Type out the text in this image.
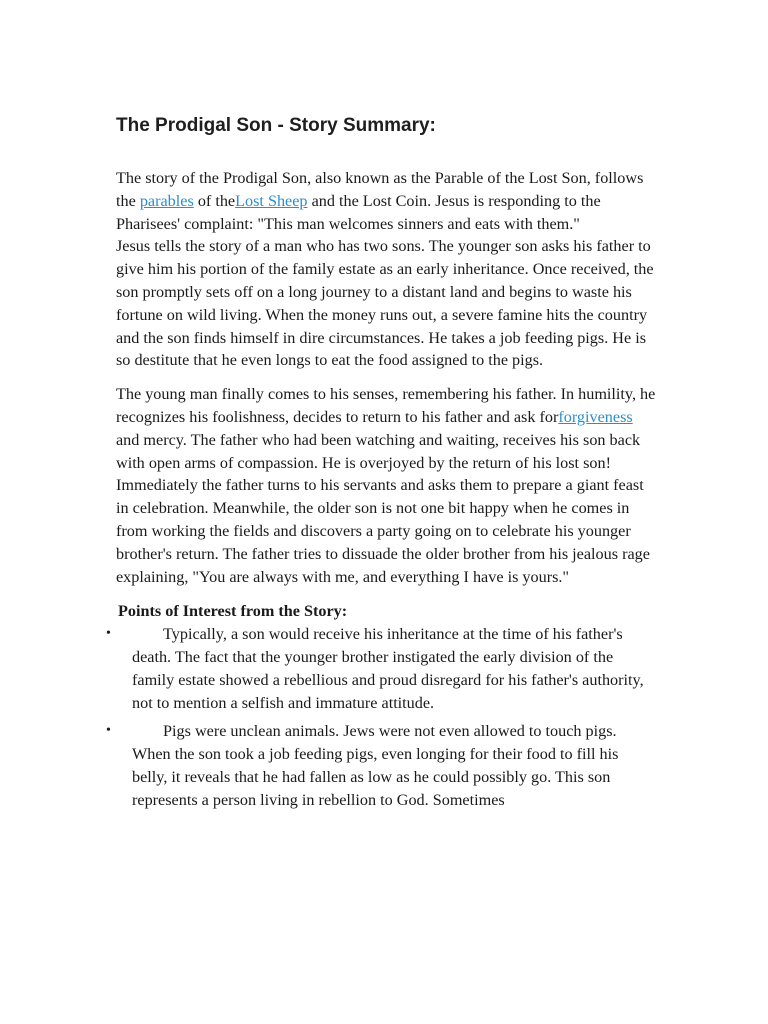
The Prodigal Son - Story Summary:

The story of the Prodigal Son, also known as the Parable of the Lost Son, follows the parables of theLost Sheep and the Lost Coin. Jesus is responding to the Pharisees' complaint: "This man welcomes sinners and eats with them."

Jesus tells the story of a man who has two sons. The younger son asks his father to give him his portion of the family estate as an early inheritance. Once received, the son promptly sets off on a long journey to a distant land and begins to waste his fortune on wild living. When the money runs out, a severe famine hits the country and the son finds himself in dire circumstances. He takes a job feeding pigs. He is so destitute that he even longs to eat the food assigned to the pigs.

The young man finally comes to his senses, remembering his father. In humility, he recognizes his foolishness, decides to return to his father and ask forforgiveness and mercy. The father who had been watching and waiting, receives his son back with open arms of compassion. He is overjoyed by the return of his lost son! Immediately the father turns to his servants and asks them to prepare a giant feast in celebration. Meanwhile, the older son is not one bit happy when he comes in from working the fields and discovers a party going on to celebrate his younger brother's return. The father tries to dissuade the older brother from his jealous rage explaining, "You are always with me, and everything I have is yours."

Points of Interest from the Story:
•	Typically, a son would receive his inheritance at the time of his father's death. The fact that the younger brother instigated the early division of the family estate showed a rebellious and proud disregard for his father's authority, not to mention a selfish and immature attitude.
•	Pigs were unclean animals. Jews were not even allowed to touch pigs. When the son took a job feeding pigs, even longing for their food to fill his belly, it reveals that he had fallen as low as he could possibly go. This son represents a person living in rebellion to God. Sometimes
